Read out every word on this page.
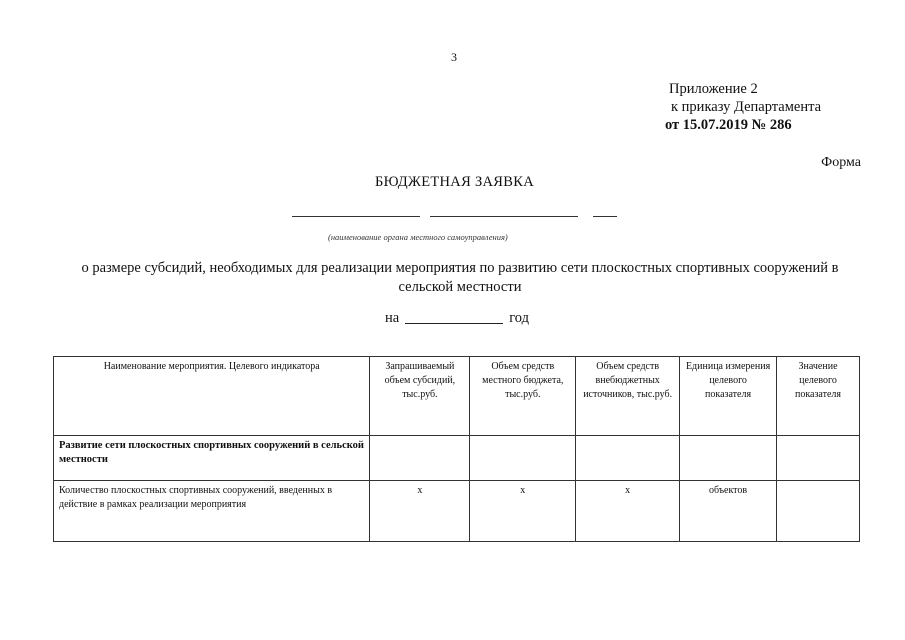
3
Приложение 2
к приказу Департамента
от 15.07.2019 № 286
Форма
БЮДЖЕТНАЯ ЗАЯВКА
(наименование органа местного самоуправления)
о размере субсидий, необходимых для реализации мероприятия по развитию сети плоскостных спортивных сооружений в сельской местности
на	год
Наименование мероприятия. Целевого индикатора	Запрашиваемый объем субсидий, тыс.руб.	Объем средств местного бюджета, тыс.руб.	Объем средств внебюджетных источников, тыс.руб.	Единица измерения целевого показателя	Значение целевого показателя
Развитие сети плоскостных спортивных сооружений в сельской местности					
Количество плоскостных спортивных сооружений, введенных в действие в рамках реализации мероприятия	x	x	x	объектов	
